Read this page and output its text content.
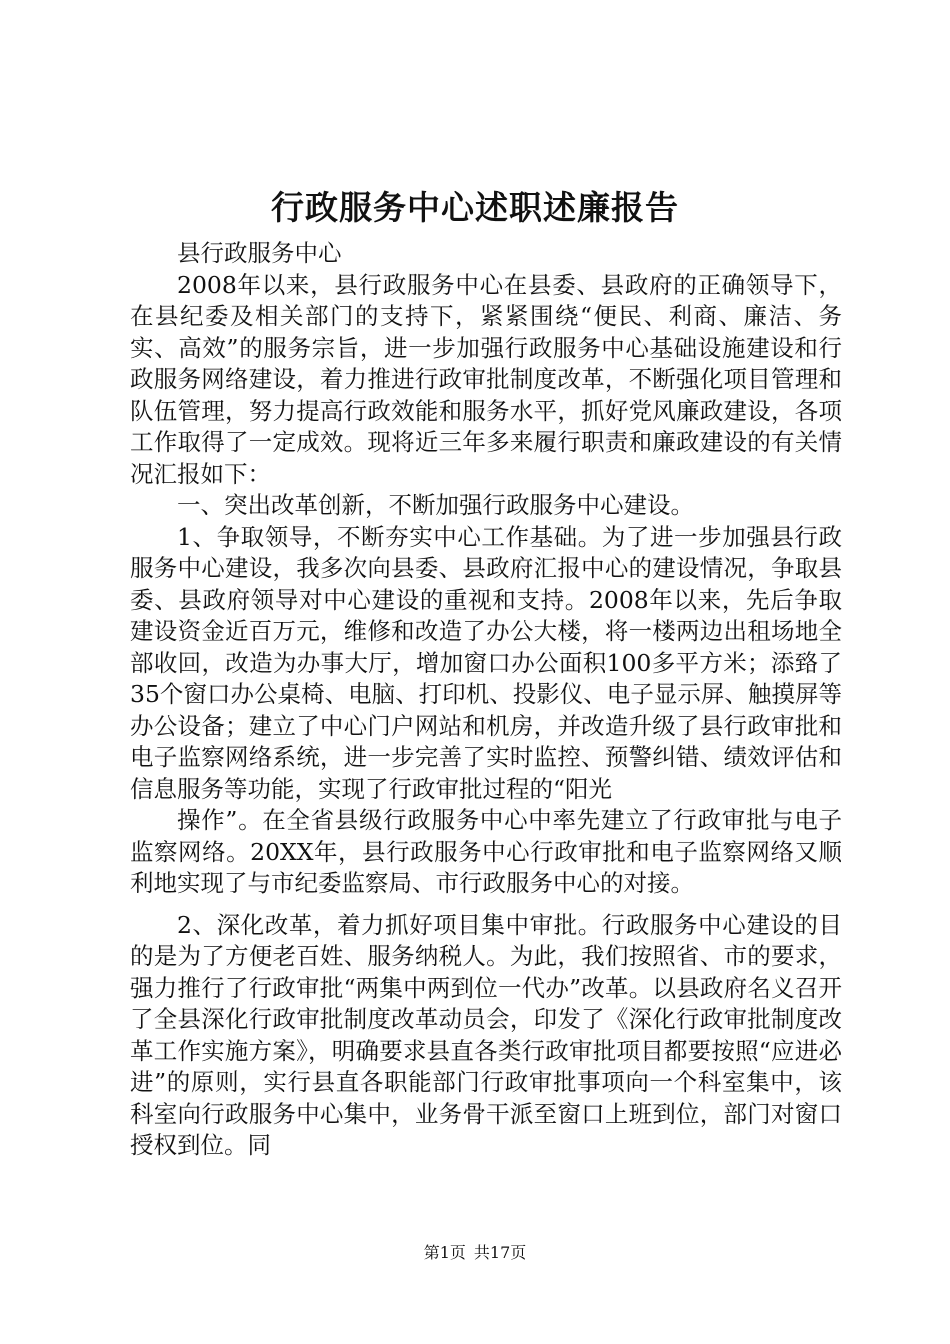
行政服务中心述职述廉报告

县行政服务中心

2008年以来，县行政服务中心在县委、县政府的正确领导下，在县纪委及相关部门的支持下，紧紧围绕“便民、利商、廉洁、务实、高效”的服务宗旨，进一步加强行政服务中心基础设施建设和行政服务网络建设，着力推进行政审批制度改革，不断强化项目管理和队伍管理，努力提高行政效能和服务水平，抓好党风廉政建设，各项工作取得了一定成效。现将近三年多来履行职责和廉政建设的有关情况汇报如下：

一、突出改革创新，不断加强行政服务中心建设。

1、争取领导，不断夯实中心工作基础。为了进一步加强县行政服务中心建设，我多次向县委、县政府汇报中心的建设情况，争取县委、县政府领导对中心建设的重视和支持。2008年以来，先后争取建设资金近百万元，维修和改造了办公大楼，将一楼两边出租场地全部收回，改造为办事大厅，增加窗口办公面积100多平方米；添臵了35个窗口办公桌椅、电脑、打印机、投影仪、电子显示屏、触摸屏等办公设备；建立了中心门户网站和机房，并改造升级了县行政审批和电子监察网络系统，进一步完善了实时监控、预警纠错、绩效评估和信息服务等功能，实现了行政审批过程的“阳光

操作”。在全省县级行政服务中心中率先建立了行政审批与电子监察网络。20XX年，县行政服务中心行政审批和电子监察网络又顺利地实现了与市纪委监察局、市行政服务中心的对接。

2、深化改革，着力抓好项目集中审批。行政服务中心建设的目的是为了方便老百姓、服务纳税人。为此，我们按照省、市的要求，强力推行了行政审批“两集中两到位一代办”改革。以县政府名义召开了全县深化行政审批制度改革动员会，印发了《深化行政审批制度改革工作实施方案》，明确要求县直各类行政审批项目都要按照“应进必进”的原则，实行县直各职能部门行政审批事项向一个科室集中，该科室向行政服务中心集中，业务骨干派至窗口上班到位，部门对窗口授权到位。同

第1页 共17页
